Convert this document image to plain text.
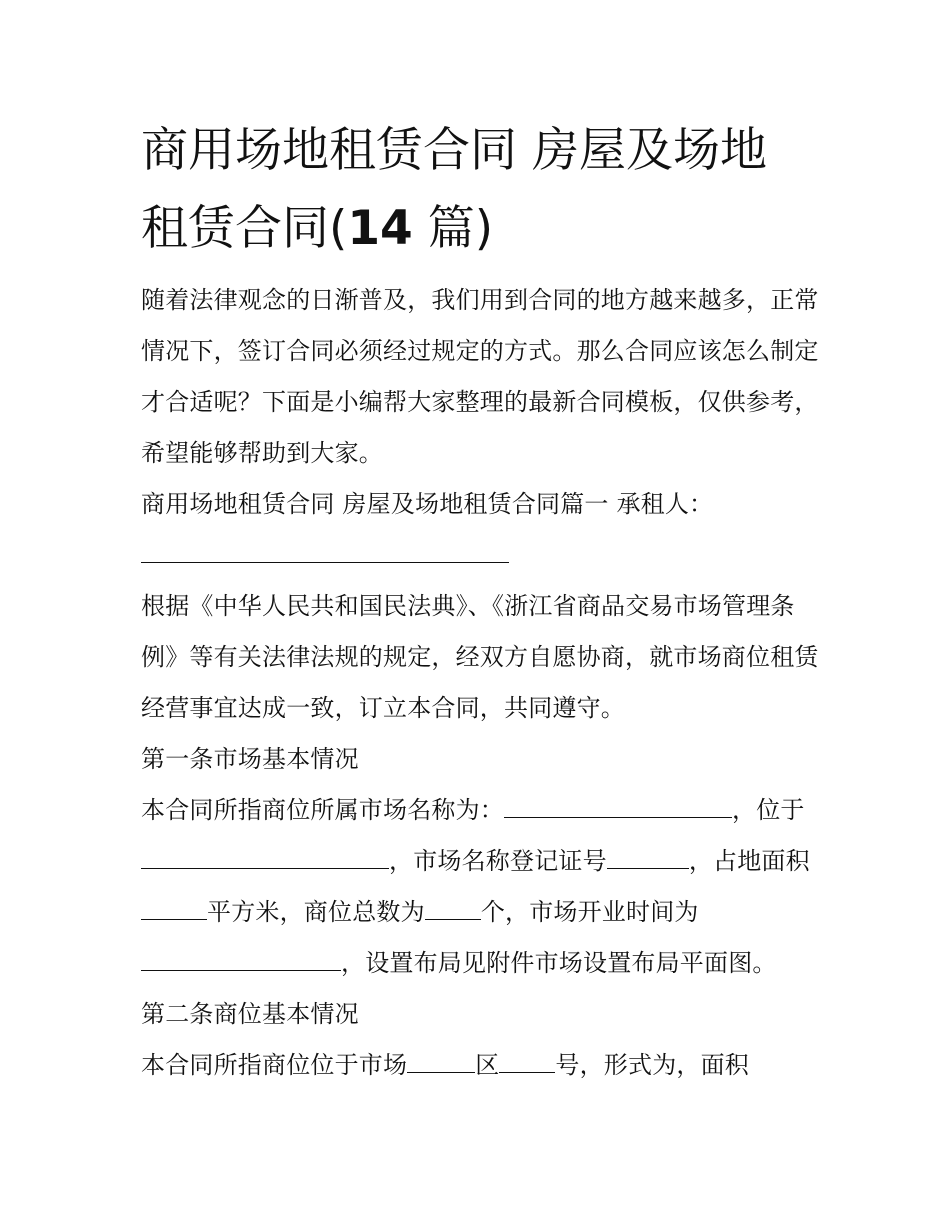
商用场地租赁合同 房屋及场地
租赁合同(14 篇)

随着法律观念的日渐普及，我们用到合同的地方越来越多，正常情况下，签订合同必须经过规定的方式。那么合同应该怎么制定才合适呢？下面是小编帮大家整理的最新合同模板，仅供参考，希望能够帮助到大家。

商用场地租赁合同 房屋及场地租赁合同篇一 承租人：

根据《中华人民共和国民法典》、《浙江省商品交易市场管理条例》等有关法律法规的规定，经双方自愿协商，就市场商位租赁经营事宜达成一致，订立本合同，共同遵守。

第一条市场基本情况

本合同所指商位所属市场名称为：	，位于，市场名称登记证号	，占地面积平方米，商位总数为 个，市场开业时间为，设置布局见附件市场设置布局平面图。

第二条商位基本情况

本合同所指商位位于市场	区 号，形式为，面积
